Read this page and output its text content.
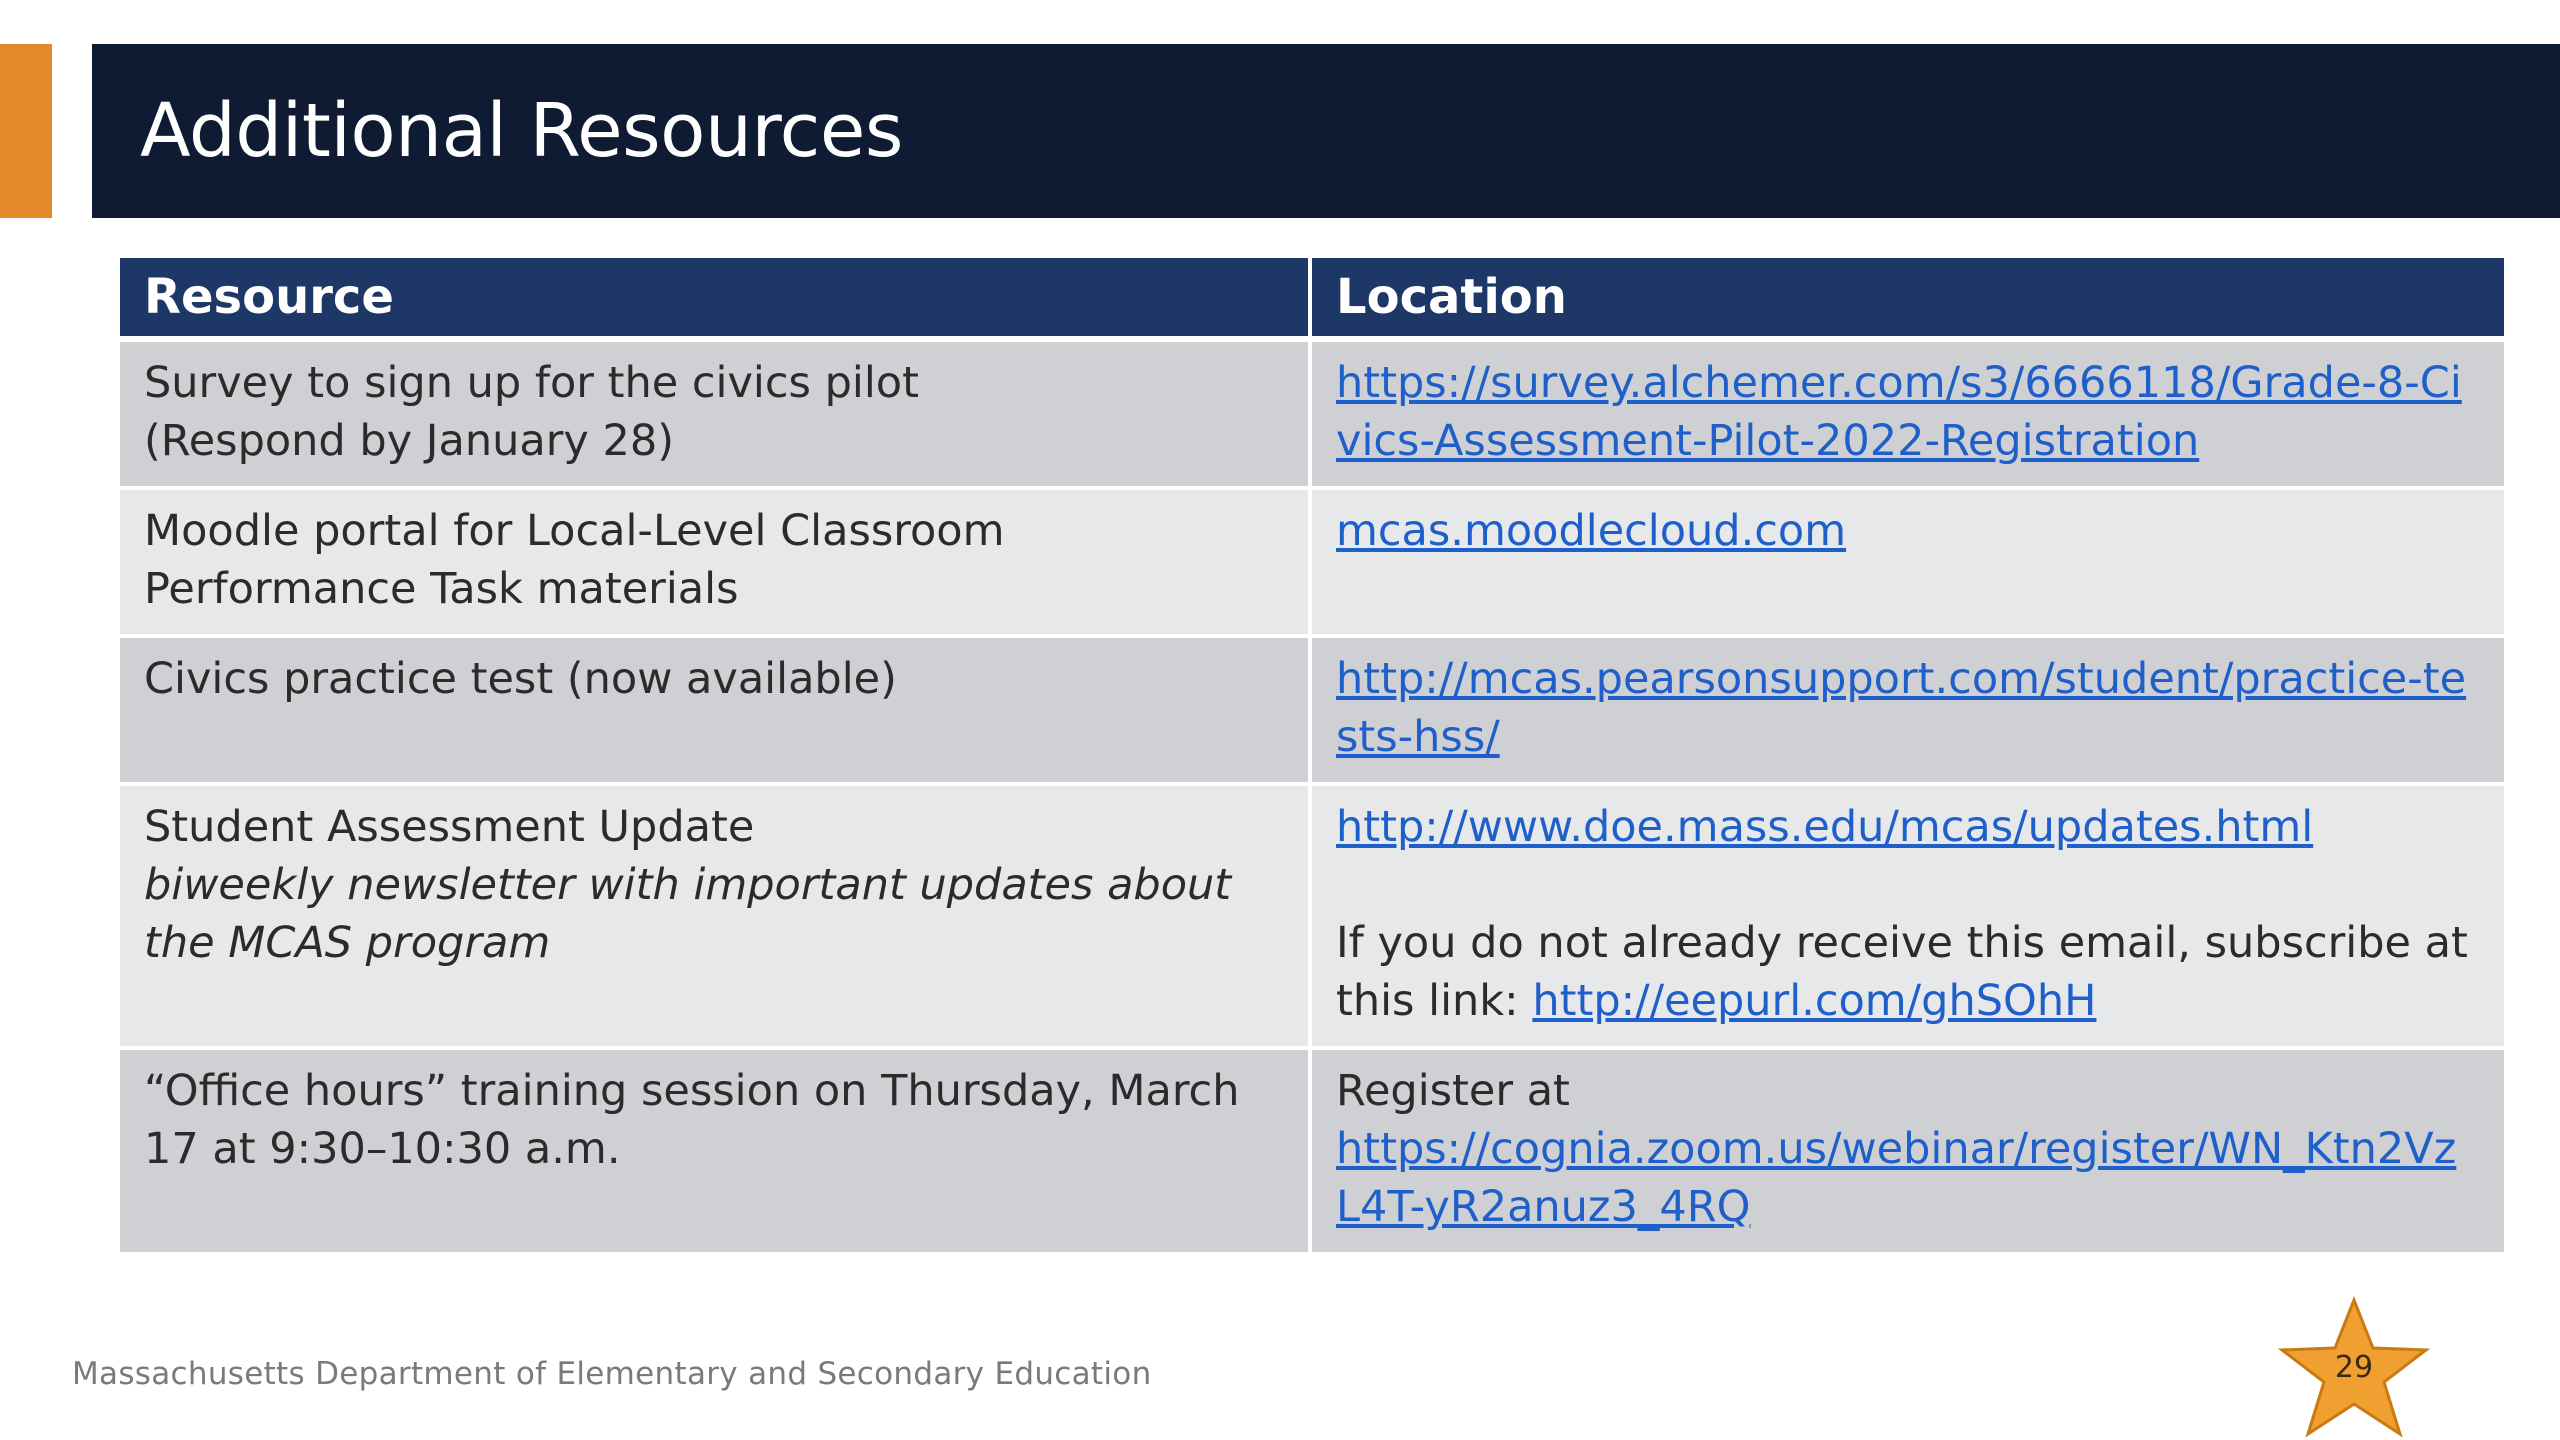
Additional Resources
Resource	Location

Survey to sign up for the civics pilot
(Respond by January 28)	https://survey.alchemer.com/s3/6666118/Grade-8-Civics-Assessment-Pilot-2022-Registration

Moodle portal for Local-Level Classroom Performance Task materials	mcas.moodlecloud.com

Civics practice test (now available)	http://mcas.pearsonsupport.com/student/practice-tests-hss/

Student Assessment Update
biweekly newsletter with important updates about the MCAS program	http://www.doe.mass.edu/mcas/updates.html
If you do not already receive this email, subscribe at this link: http://eepurl.com/ghSOhH

“Office hours” training session on Thursday, March 17 at 9:30–10:30 a.m.	Register at
https://cognia.zoom.us/webinar/register/WN_Ktn2VzL4T-yR2anuz3_4RQ
Massachusetts Department of Elementary and Secondary Education	29
